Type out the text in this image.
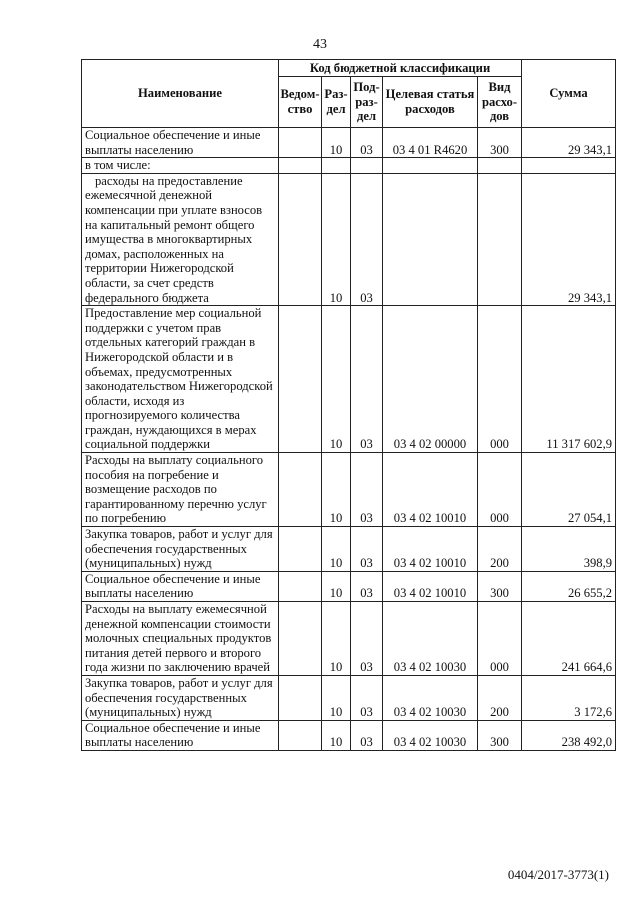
43
Наименование	Код бюджетной классификации					Сумма
	Ведом-ство	Раз-дел	Под-раз-дел	Целевая статья расходов	Вид расхо-дов	
Социальное обеспечение и иные выплаты населению		10	03	03 4 01 R4620	300	29 343,1
в том числе:						
расходы на предоставление ежемесячной денежной компенсации при уплате взносов на капитальный ремонт общего имущества в многоквартирных домах, расположенных на территории Нижегородской области, за счет средств федерального бюджета		10	03			29 343,1
Предоставление мер социальной поддержки с учетом прав отдельных категорий граждан в Нижегородской области и в объемах, предусмотренных законодательством Нижегородской области, исходя из прогнозируемого количества граждан, нуждающихся в мерах социальной поддержки		10	03	03 4 02 00000	000	11 317 602,9
Расходы на выплату социального пособия на погребение и возмещение расходов по гарантированному перечню услуг по погребению		10	03	03 4 02 10010	000	27 054,1
Закупка товаров, работ и услуг для обеспечения государственных (муниципальных) нужд		10	03	03 4 02 10010	200	398,9
Социальное обеспечение и иные выплаты населению		10	03	03 4 02 10010	300	26 655,2
Расходы на выплату ежемесячной денежной компенсации стоимости молочных специальных продуктов питания детей первого и второго года жизни по заключению врачей		10	03	03 4 02 10030	000	241 664,6
Закупка товаров, работ и услуг для обеспечения государственных (муниципальных) нужд		10	03	03 4 02 10030	200	3 172,6
Социальное обеспечение и иные выплаты населению		10	03	03 4 02 10030	300	238 492,0
0404/2017-3773(1)
